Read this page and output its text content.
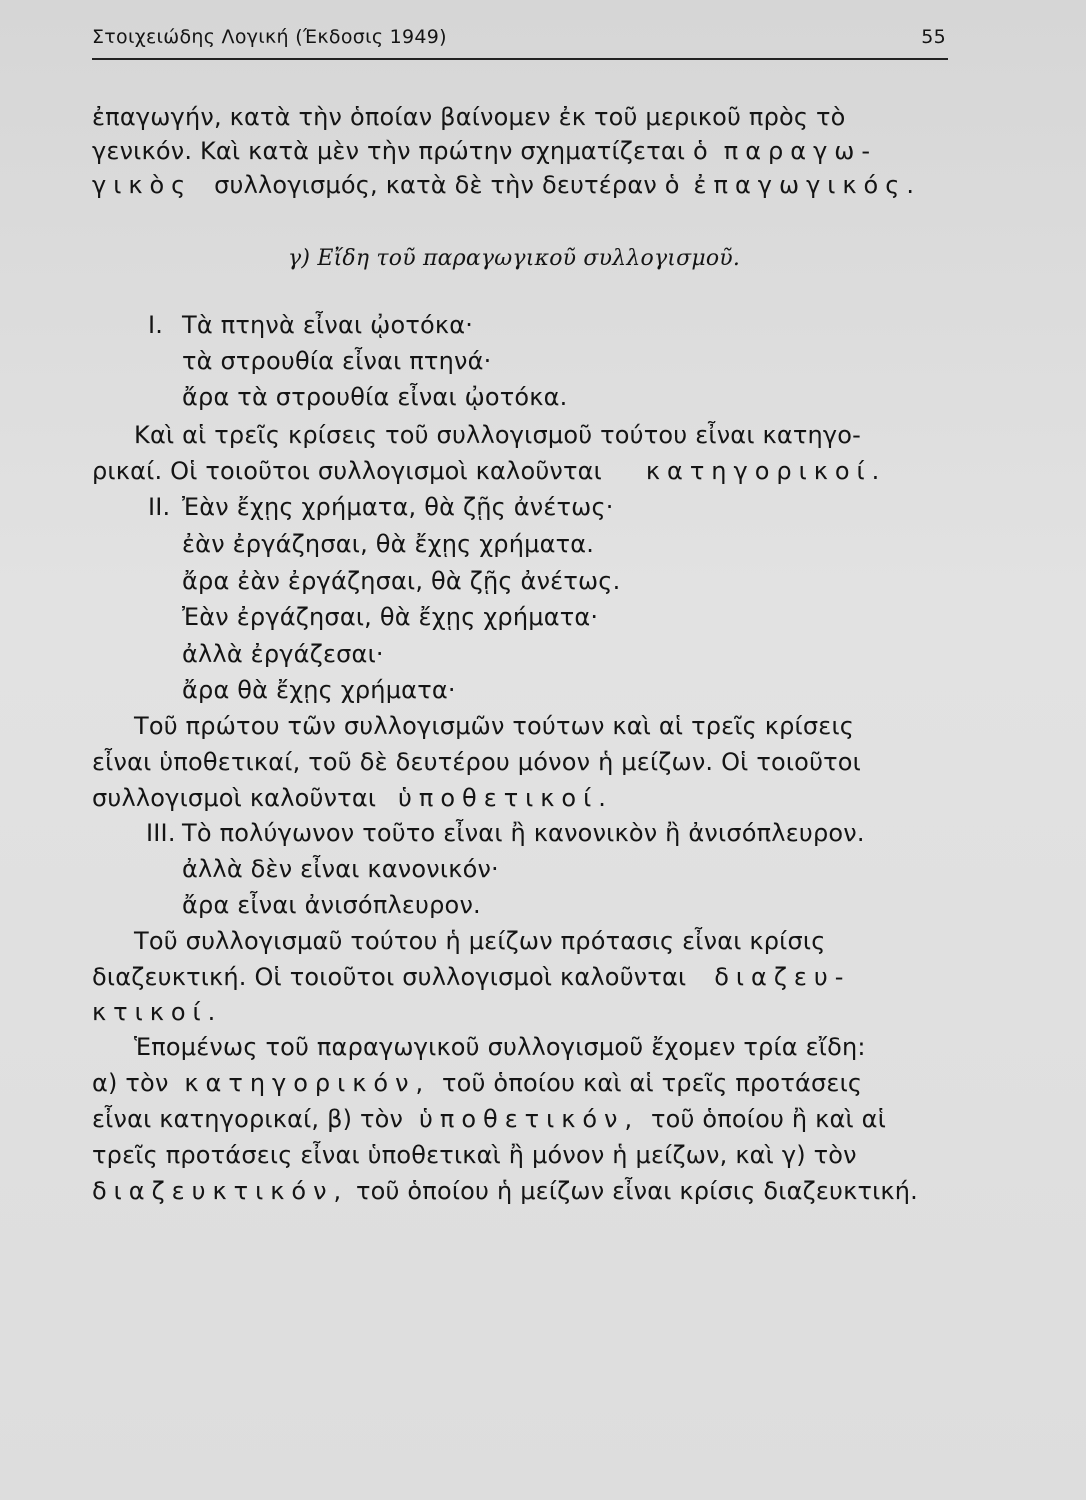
Στοιχειώδης Λογική (Έκδοσις 1949)	55
ἐπαγωγήν, κατὰ τὴν ὁποίαν βαίνομεν ἐκ τοῦ μερικοῦ πρὸς τὸ
γενικόν. Καὶ κατὰ μὲν τὴν πρώτην σχηματίζεται ὁ παραγω-
γικὸς συλλογισμός, κατὰ δὲ τὴν δευτέραν ὁ ἐπαγωγικός.
γ) Εἴδη τοῦ παραγωγικοῦ συλλογισμοῦ.
I. Τὰ πτηνὰ εἶναι ᾠοτόκα·
τὰ στρουθία εἶναι πτηνά·
ἄρα τὰ στρουθία εἶναι ᾠοτόκα.
Καὶ αἱ τρεῖς κρίσεις τοῦ συλλογισμοῦ τούτου εἶναι κατηγο-
ρικαί. Οἱ τοιοῦτοι συλλογισμοὶ καλοῦνται κατηγορικοί.
II. Ἐὰν ἔχῃς χρήματα, θὰ ζῇς ἀνέτως·
ἐὰν ἐργάζησαι, θὰ ἔχῃς χρήματα.
ἄρα ἐὰν ἐργάζησαι, θὰ ζῇς ἀνέτως.
Ἐὰν ἐργάζησαι, θὰ ἔχῃς χρήματα·
ἀλλὰ ἐργάζεσαι·
ἄρα θὰ ἔχῃς χρήματα·
Τοῦ πρώτου τῶν συλλογισμῶν τούτων καὶ αἱ τρεῖς κρίσεις
εἶναι ὑποθετικαί, τοῦ δὲ δευτέρου μόνον ἡ μείζων. Οἱ τοιοῦτοι
συλλογισμοὶ καλοῦνται ὑποθετικοί.
III. Τὸ πολύγωνον τοῦτο εἶναι ἢ κανονικὸν ἢ ἀνισόπλευρον.
ἀλλὰ δὲν εἶναι κανονικόν·
ἄρα εἶναι ἀνισόπλευρον.
Τοῦ συλλογισμαῦ τούτου ἡ μείζων πρότασις εἶναι κρίσις
διαζευκτική. Οἱ τοιοῦτοι συλλογισμοὶ καλοῦνται διαζευ-
κτικοί.
Ἑπομένως τοῦ παραγωγικοῦ συλλογισμοῦ ἔχομεν τρία εἴδη:
α) τὸν κατηγορικόν, τοῦ ὁποίου καὶ αἱ τρεῖς προτάσεις
εἶναι κατηγορικαί, β) τὸν ὑποθετικόν, τοῦ ὁποίου ἢ καὶ αἱ
τρεῖς προτάσεις εἶναι ὑποθετικαὶ ἢ μόνον ἡ μείζων, καὶ γ) τὸν
διαζευκτικόν, τοῦ ὁποίου ἡ μείζων εἶναι κρίσις διαζευκτική.
